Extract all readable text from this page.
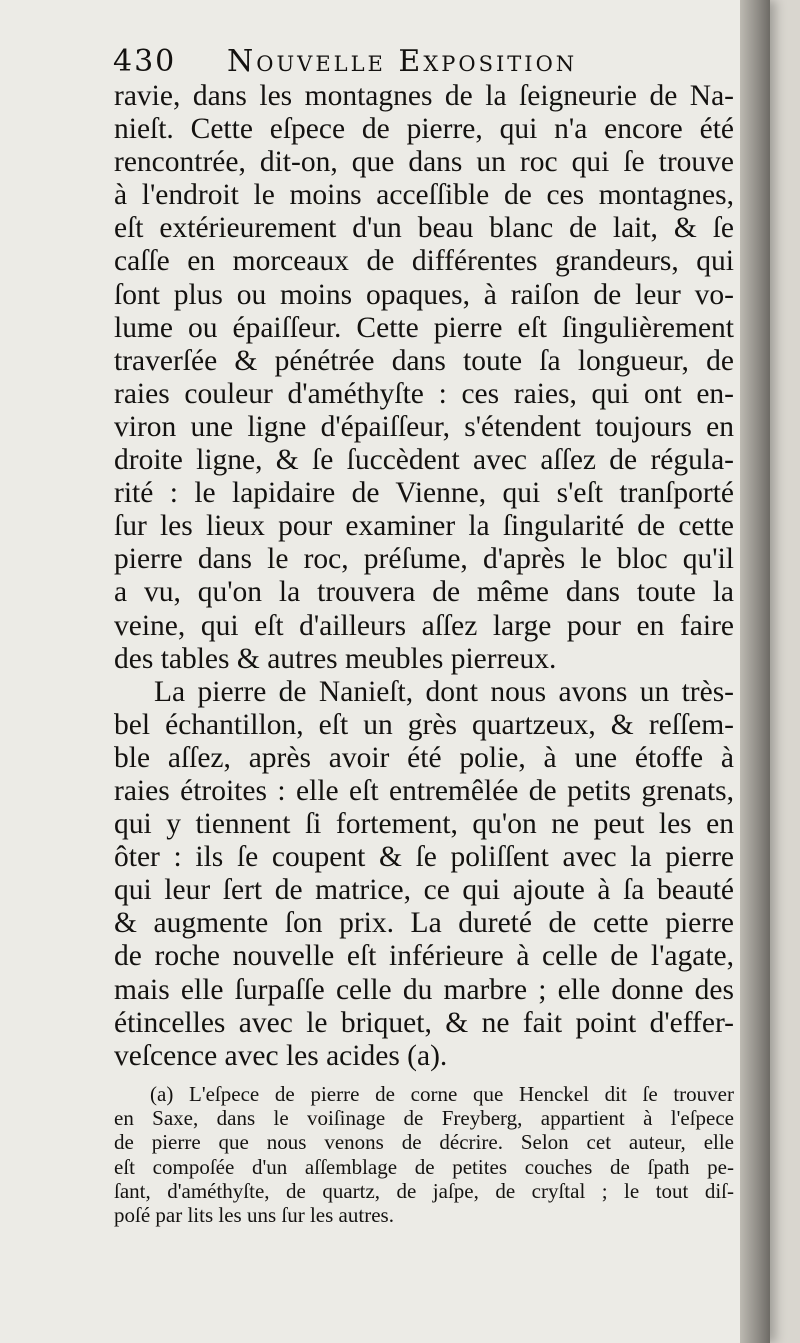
430 Nouvelle Exposition
ravie, dans les montagnes de la ſeigneurie de Na-
nieſt. Cette eſpece de pierre, qui n'a encore été
rencontrée, dit-on, que dans un roc qui ſe trouve
à l'endroit le moins acceſſible de ces montagnes,
eſt extérieurement d'un beau blanc de lait, & ſe
caſſe en morceaux de différentes grandeurs, qui
ſont plus ou moins opaques, à raiſon de leur vo-
lume ou épaiſſeur. Cette pierre eſt ſingulièrement
traverſée & pénétrée dans toute ſa longueur, de
raies couleur d'améthyſte : ces raies, qui ont en-
viron une ligne d'épaiſſeur, s'étendent toujours en
droite ligne, & ſe ſuccèdent avec aſſez de régula-
rité : le lapidaire de Vienne, qui s'eſt tranſporté
ſur les lieux pour examiner la ſingularité de cette
pierre dans le roc, préſume, d'après le bloc qu'il
a vu, qu'on la trouvera de même dans toute la
veine, qui eſt d'ailleurs aſſez large pour en faire
des tables & autres meubles pierreux.
La pierre de Nanieſt, dont nous avons un très-
bel échantillon, eſt un grès quartzeux, & reſſem-
ble aſſez, après avoir été polie, à une étoffe à
raies étroites : elle eſt entremêlée de petits grenats,
qui y tiennent ſi fortement, qu'on ne peut les en
ôter : ils ſe coupent & ſe poliſſent avec la pierre
qui leur ſert de matrice, ce qui ajoute à ſa beauté
& augmente ſon prix. La dureté de cette pierre
de roche nouvelle eſt inférieure à celle de l'agate,
mais elle ſurpaſſe celle du marbre ; elle donne des
étincelles avec le briquet, & ne fait point d'effer-
veſcence avec les acides (a).
(a) L'eſpece de pierre de corne que Henckel dit ſe trouver
en Saxe, dans le voiſinage de Freyberg, appartient à l'eſpece
de pierre que nous venons de décrire. Selon cet auteur, elle
eſt compoſée d'un aſſemblage de petites couches de ſpath pe-
ſant, d'améthyſte, de quartz, de jaſpe, de cryſtal ; le tout diſ-
poſé par lits les uns ſur les autres.
